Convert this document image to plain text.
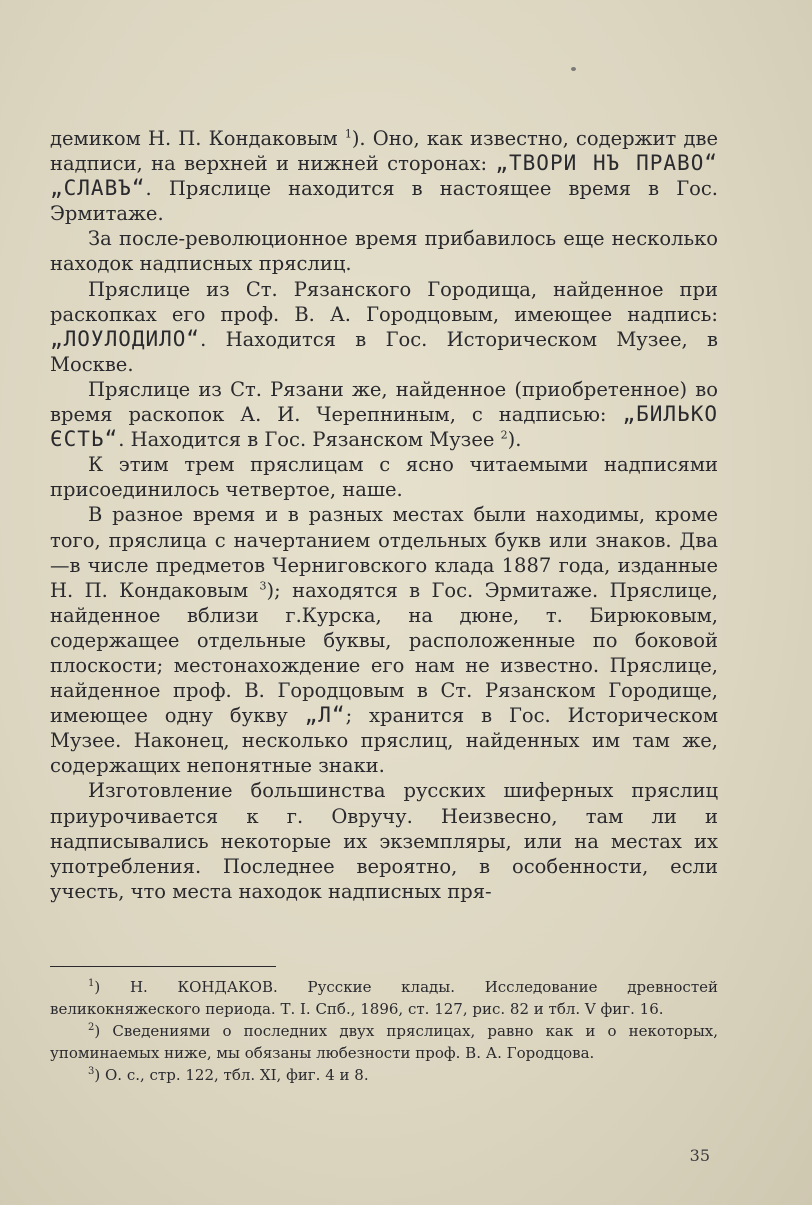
демиком Н. П. Кондаковым $^1$). Оно, как известно, содержит две надписи, на верхней и нижней сторонах: „ТВОРИ НЪ ПРАВО“ „СЛАВЪ“. Пряслице находится в настоящее время в Гос. Эрмитаже.

За после-революционное время прибавилось еще несколько находок надписных пряслиц.

Пряслице из Ст. Рязанского Городища, найденное при раскопках его проф. В. А. Городцовым, имеющее надпись: „ЛОУЛОДИЛО“. Находится в Гос. Историческом Музее, в Москве.

Пряслице из Ст. Рязани же, найденное (приобретенное) во время раскопок А. И. Черепниным, с надписью: „БИЛЬКО ЄСТЬ“. Находится в Гос. Рязанском Музее $^2$).

К этим трем пряслицам с ясно читаемыми надписями присоединилось четвертое, наше.

В разное время и в разных местах были находимы, кроме того, пряслица с начертанием отдельных букв или знаков. Два—в числе предметов Черниговского клада 1887 года, изданные Н. П. Кондаковым $^3$); находятся в Гос. Эрмитаже. Пряслице, найденное вблизи г.Курска, на дюне, т. Бирюковым, содержащее отдельные буквы, расположенные по боковой плоскости; местонахождение его нам не известно. Пряслице, найденное проф. В. Городцовым в Ст. Рязанском Городище, имеющее одну букву „Л“; хранится в Гос. Историческом Музее. Наконец, несколько пряслиц, найденных им там же, содержащих непонятные знаки.

Изготовление большинства русских шиферных пряслиц приурочивается к г. Овручу. Неизвесно, там ли и надписывались некоторые их экземпляры, или на местах их употребления. Последнее вероятно, в особенности, если учесть, что места находок надписных пря-

$^1$) Н. КОНДАКОВ. Русские клады. Исследование древностей великокняжеского периода. Т. I. Спб., 1896, ст. 127, рис. 82 и тбл. V фиг. 16.

$^2$) Сведениями о последних двух пряслицах, равно как и о некоторых, упоминаемых ниже, мы обязаны любезности проф. В. А. Городцова.

$^3$) О. с., стр. 122, тбл. XI, фиг. 4 и 8.

35
